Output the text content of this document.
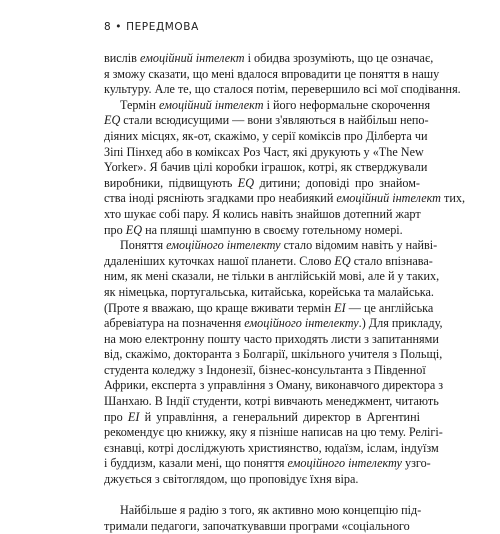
8 • ПЕРЕДМОВА
вислів емоційний інтелект і обидва зрозуміють, що це означає,
я зможу сказати, що мені вдалося впровадити це поняття в нашу
культуру. Але те, що сталося потім, перевершило всі мої сподівання.
Термін емоційний інтелект і його неформальне скорочення
EQ стали всюдисущими — вони з'являються в найбільш непо-
діяних місцях, як-от, скажімо, у серії коміксів про Ділберта чи
Зіпі Пінхед або в коміксах Роз Част, які друкують у «The New
Yorker». Я бачив цілі коробки іграшок, котрі, як стверджували
виробники, підвищують EQ дитини; доповіді про знайом-
ства іноді рясніють згадками про неабиякий емоційний інтелект тих,
хто шукає собі пару. Я колись навіть знайшов дотепний жарт
про EQ на пляшці шампуню в своєму готельному номері.
Поняття емоційного інтелекту стало відомим навіть у найві-
ддаленіших куточках нашої планети. Слово EQ стало впізнава-
ним, як мені сказали, не тільки в англійській мові, але й у таких,
як німецька, португальська, китайська, корейська та малайська.
(Проте я вважаю, що краще вживати термін EI — це англійська
абревіатура на позначення емоційного інтелекту.) Для прикладу,
на мою електронну пошту часто приходять листи з запитаннями
від, скажімо, докторанта з Болгарії, шкільного учителя з Польщі,
студента коледжу з Індонезії, бізнес-консультанта з Південної
Африки, експерта з управління з Оману, виконавчого директора з
Шанхаю. В Індії студенти, котрі вивчають менеджмент, читають
про EI й управління, а генеральний директор в Аргентині
рекомендує цю книжку, яку я пізніше написав на цю тему. Релігі-
єзнавці, котрі досліджують християнство, юдаїзм, іслам, індуїзм
і буддизм, казали мені, що поняття емоційного інтелекту узго-
джується з світоглядом, що проповідує їхня віра.
Найбільше я радію з того, як активно мою концепцію під-
тримали педагоги, започаткувавши програми «соціального
